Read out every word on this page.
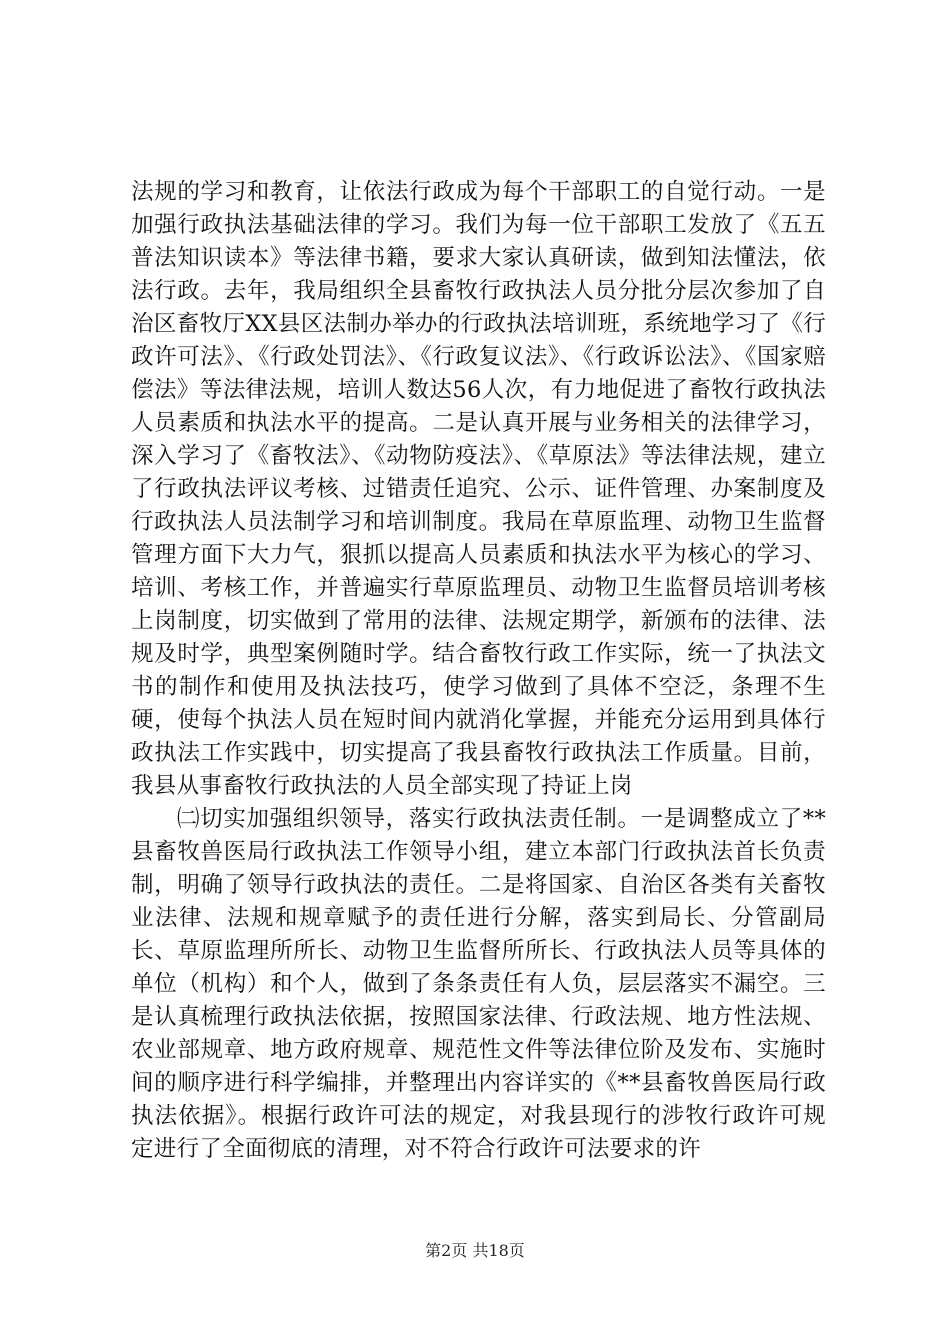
法规的学习和教育，让依法行政成为每个干部职工的自觉行动。一是加强行政执法基础法律的学习。我们为每一位干部职工发放了《五五普法知识读本》等法律书籍，要求大家认真研读，做到知法懂法，依法行政。去年，我局组织全县畜牧行政执法人员分批分层次参加了自治区畜牧厅XX县区法制办举办的行政执法培训班，系统地学习了《行政许可法》、《行政处罚法》、《行政复议法》、《行政诉讼法》、《国家赔偿法》等法律法规，培训人数达56人次，有力地促进了畜牧行政执法人员素质和执法水平的提高。二是认真开展与业务相关的法律学习，深入学习了《畜牧法》、《动物防疫法》、《草原法》等法律法规，建立了行政执法评议考核、过错责任追究、公示、证件管理、办案制度及行政执法人员法制学习和培训制度。我局在草原监理、动物卫生监督管理方面下大力气，狠抓以提高人员素质和执法水平为核心的学习、培训、考核工作，并普遍实行草原监理员、动物卫生监督员培训考核上岗制度，切实做到了常用的法律、法规定期学，新颁布的法律、法规及时学，典型案例随时学。结合畜牧行政工作实际，统一了执法文书的制作和使用及执法技巧，使学习做到了具体不空泛，条理不生硬，使每个执法人员在短时间内就消化掌握，并能充分运用到具体行政执法工作实践中，切实提高了我县畜牧行政执法工作质量。目前，我县从事畜牧行政执法的人员全部实现了持证上岗

㈡切实加强组织领导，落实行政执法责任制。一是调整成立了**县畜牧兽医局行政执法工作领导小组，建立本部门行政执法首长负责制，明确了领导行政执法的责任。二是将国家、自治区各类有关畜牧业法律、法规和规章赋予的责任进行分解，落实到局长、分管副局长、草原监理所所长、动物卫生监督所所长、行政执法人员等具体的单位（机构）和个人，做到了条条责任有人负，层层落实不漏空。三是认真梳理行政执法依据，按照国家法律、行政法规、地方性法规、农业部规章、地方政府规章、规范性文件等法律位阶及发布、实施时间的顺序进行科学编排，并整理出内容详实的《**县畜牧兽医局行政执法依据》。根据行政许可法的规定，对我县现行的涉牧行政许可规定进行了全面彻底的清理，对不符合行政许可法要求的许

第2页 共18页
